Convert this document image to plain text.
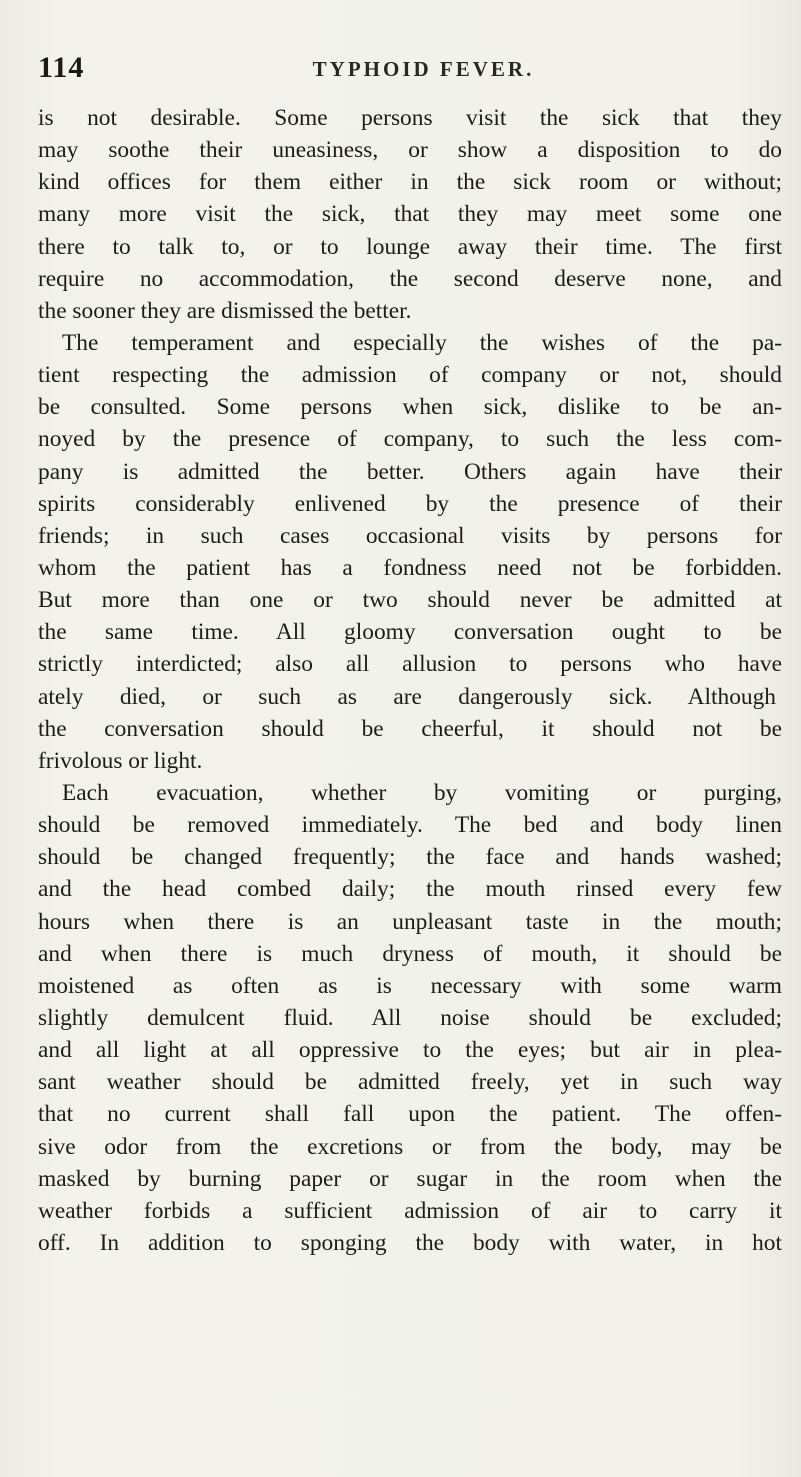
114	TYPHOID FEVER.
is not desirable. Some persons visit the sick that they
may soothe their uneasiness, or show a disposition to do
kind offices for them either in the sick room or without;
many more visit the sick, that they may meet some one
there to talk to, or to lounge away their time. The first
require no accommodation, the second deserve none, and
the sooner they are dismissed the better.
The temperament and especially the wishes of the pa-
tient respecting the admission of company or not, should
be consulted. Some persons when sick, dislike to be an-
noyed by the presence of company, to such the less com-
pany is admitted the better. Others again have their
spirits considerably enlivened by the presence of their
friends; in such cases occasional visits by persons for
whom the patient has a fondness need not be forbidden.
But more than one or two should never be admitted at
the same time. All gloomy conversation ought to be
strictly interdicted; also all allusion to persons who have
ately died, or such as are dangerously sick. Although
the conversation should be cheerful, it should not be
frivolous or light.
Each evacuation, whether by vomiting or purging,
should be removed immediately. The bed and body linen
should be changed frequently; the face and hands washed;
and the head combed daily; the mouth rinsed every few
hours when there is an unpleasant taste in the mouth;
and when there is much dryness of mouth, it should be
moistened as often as is necessary with some warm
slightly demulcent fluid. All noise should be excluded;
and all light at all oppressive to the eyes; but air in plea-
sant weather should be admitted freely, yet in such way
that no current shall fall upon the patient. The offen-
sive odor from the excretions or from the body, may be
masked by burning paper or sugar in the room when the
weather forbids a sufficient admission of air to carry it
off. In addition to sponging the body with water, in hot
